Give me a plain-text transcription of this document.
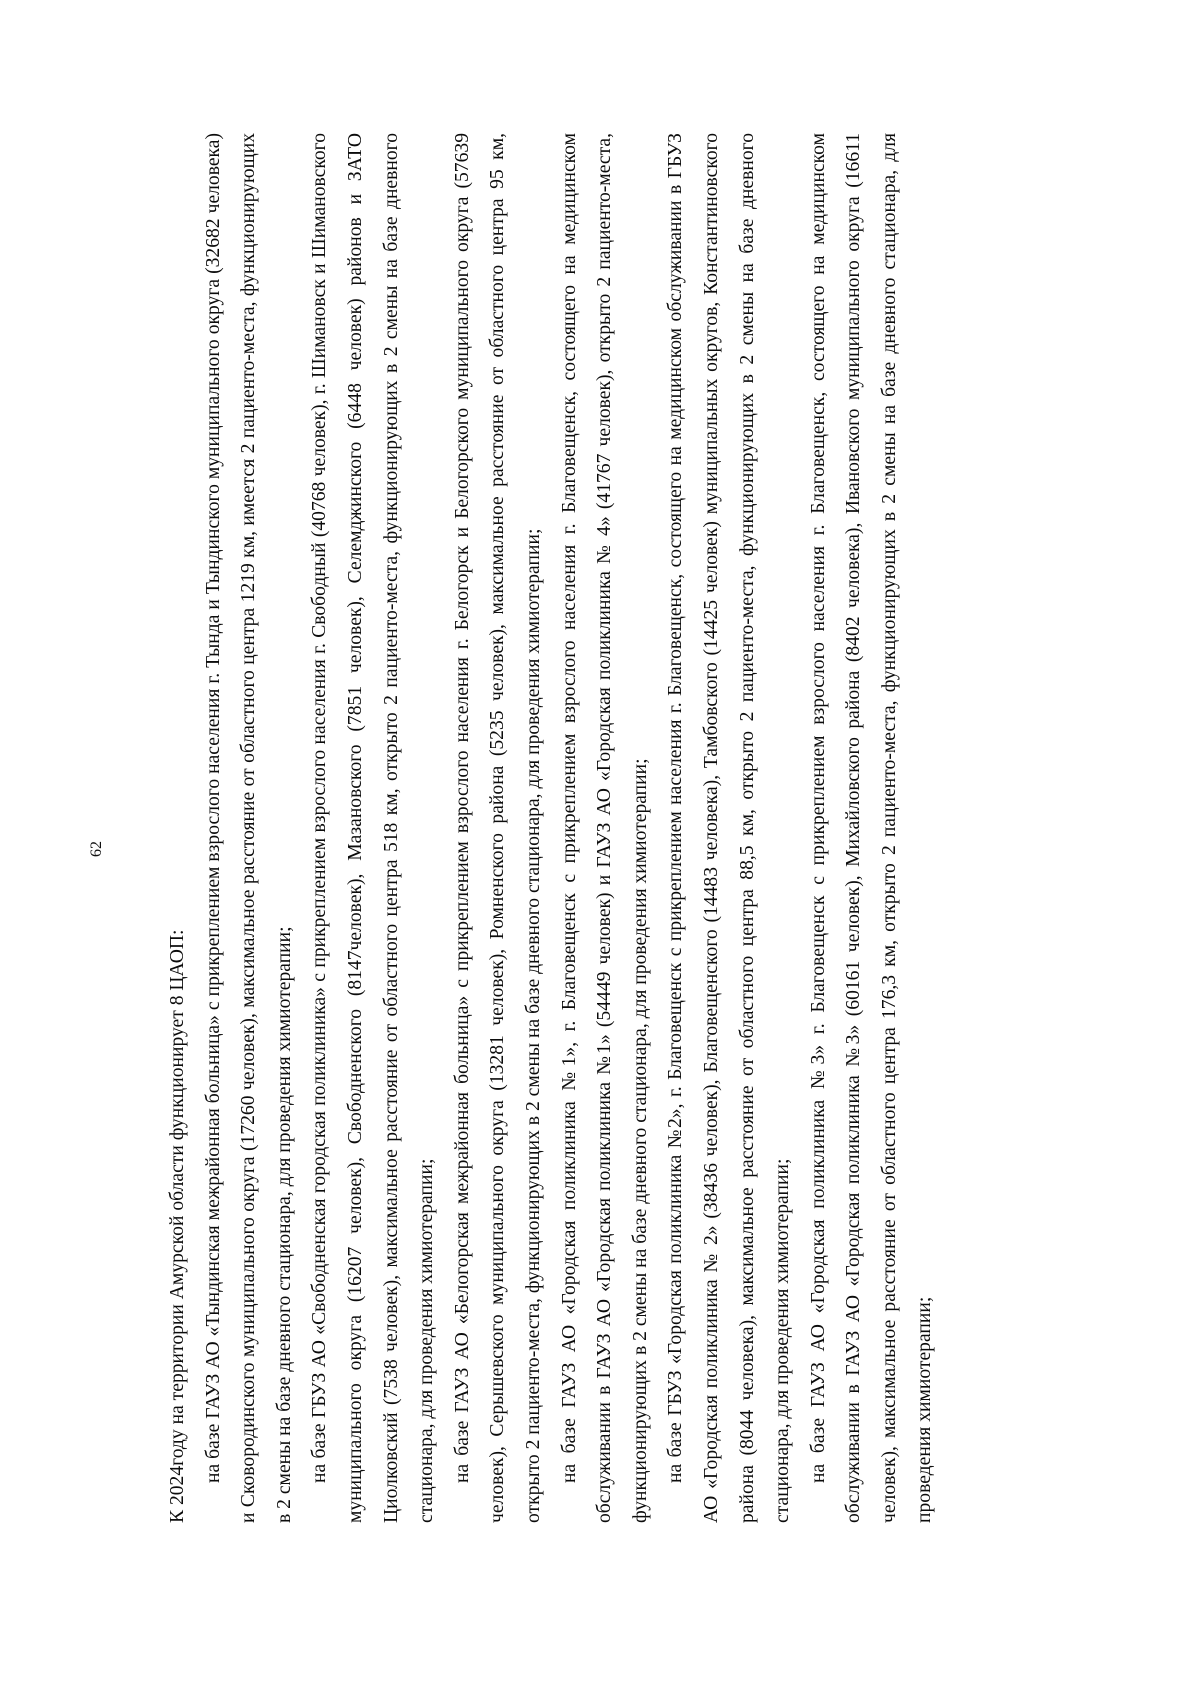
62

К 2024году на территории Амурской области функционирует 8 ЦАОП: на базе ГАУЗ АО «Тындинская межрайонная больница» с прикреплением взрослого населения г. Тында и Тындинского муниципального округа (32682 человека) и Сковородинского муниципального округа (17260 человек), максимальное расстояние от областного центра 1219 км, имеется 2 пациенто-места, функционирующих в 2 смены на базе дневного стационара, для проведения химиотерапии; на базе ГБУЗ АО «Свободненская городская поликлиника» с прикреплением взрослого населения г. Свободный (40768 человек), г. Шимановск и Шимановского муниципального округа (16207 человек), Свободненского (8147человек), Мазановского (7851 человек), Селемджинского (6448 человек) районов и ЗАТО Циолковский (7538 человек), максимальное расстояние от областного центра 518 км, открыто 2 пациенто-места, функционирующих в 2 смены на базе дневного стационара, для проведения химиотерапии; на базе ГАУЗ АО «Белогорская межрайонная больница» с прикреплением взрослого населения г. Белогорск и Белогорского муниципального округа (57639 человек), Серышевского муниципального округа (13281 человек), Ромненского района (5235 человек), максимальное расстояние от областного центра 95 км, открыто 2 пациенто-места, функционирующих в 2 смены на базе дневного стационара, для проведения химиотерапии; на базе ГАУЗ АО «Городская поликлиника №1», г. Благовещенск с прикреплением взрослого населения г. Благовещенск, состоящего на медицинском обслуживании в ГАУЗ АО «Городская поликлиника №1» (54449 человек) и ГАУЗ АО «Городская поликлиника № 4» (41767 человек), открыто 2 пациенто-места, функционирующих в 2 смены на базе дневного стационара, для проведения химиотерапии; на базе ГБУЗ «Городская поликлиника №2», г. Благовещенск с прикреплением населения г. Благовещенск, состоящего на медицинском обслуживании в ГБУЗ АО «Городская поликлиника № 2» (38436 человек), Благовещенского (14483 человека), Тамбовского (14425 человек) муниципальных округов, Константиновского района (8044 человека), максимальное расстояние от областного центра 88,5 км, открыто 2 пациенто-места, функционирующих в 2 смены на базе дневного стационара, для проведения химиотерапии; на базе ГАУЗ АО «Городская поликлиника №3» г. Благовещенск с прикреплением взрослого населения г. Благовещенск, состоящего на медицинском обслуживании в ГАУЗ АО «Городская поликлиника №3» (60161 человек), Михайловского района (8402 человека), Ивановского муниципального округа (16611 человек), максимальное расстояние от областного центра 176,3 км, открыто 2 пациенто-места, функционирующих в 2 смены на базе дневного стационара, для проведения химиотерапии;
